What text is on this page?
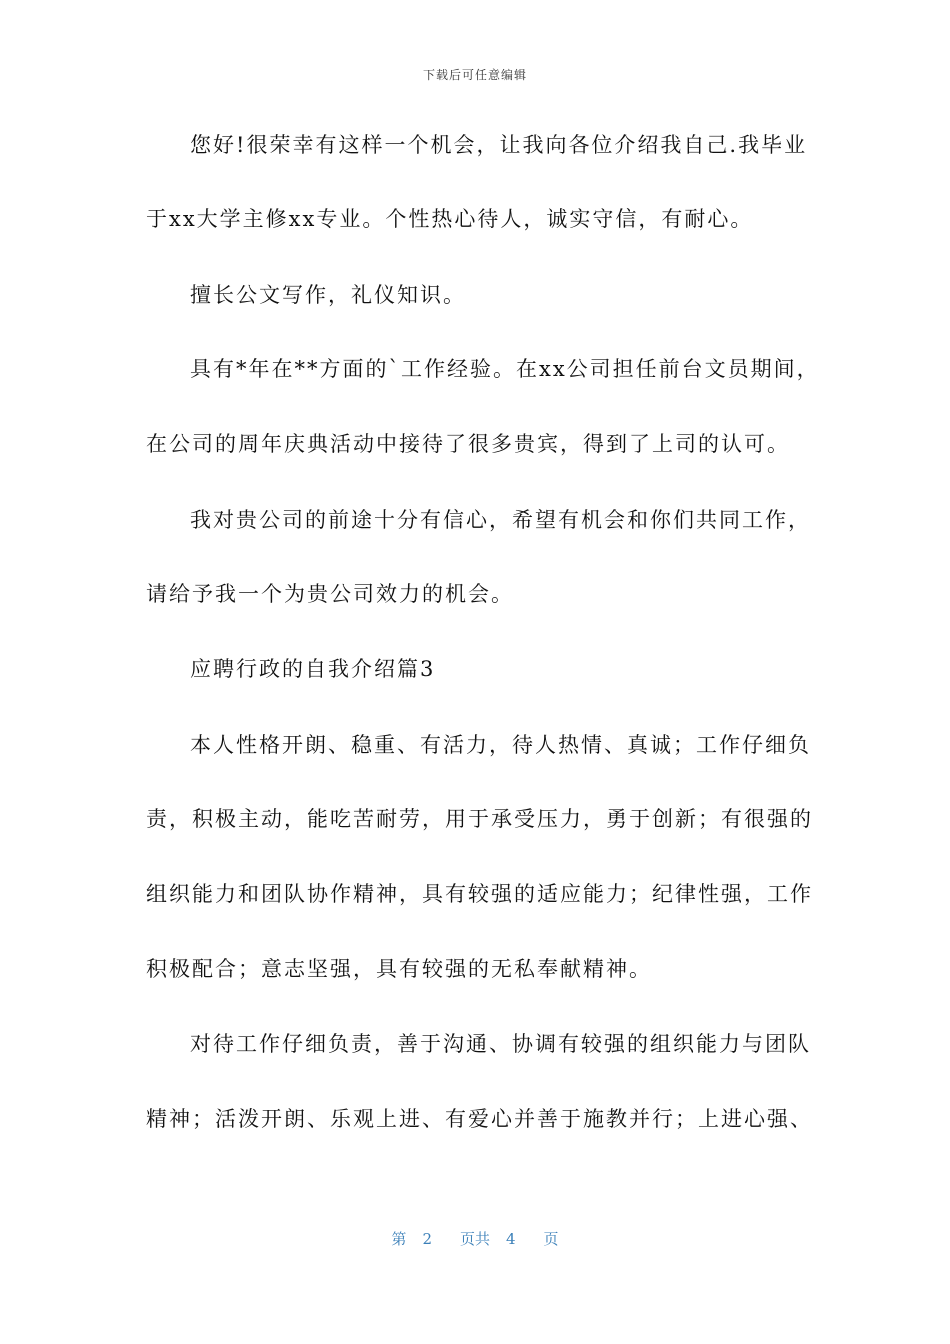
下载后可任意编辑
您好!很荣幸有这样一个机会，让我向各位介绍我自己.我毕业
于xx大学主修xx专业。个性热心待人，诚实守信，有耐心。
擅长公文写作，礼仪知识。
具有*年在**方面的`工作经验。在xx公司担任前台文员期间，
在公司的周年庆典活动中接待了很多贵宾，得到了上司的认可。
我对贵公司的前途十分有信心，希望有机会和你们共同工作，
请给予我一个为贵公司效力的机会。
应聘行政的自我介绍篇3
本人性格开朗、稳重、有活力，待人热情、真诚；工作仔细负
责，积极主动，能吃苦耐劳，用于承受压力，勇于创新；有很强的
组织能力和团队协作精神，具有较强的适应能力；纪律性强，工作
积极配合；意志坚强，具有较强的无私奉献精神。
对待工作仔细负责，善于沟通、协调有较强的组织能力与团队
精神；活泼开朗、乐观上进、有爱心并善于施教并行；上进心强、
第 2 页共 4 页
